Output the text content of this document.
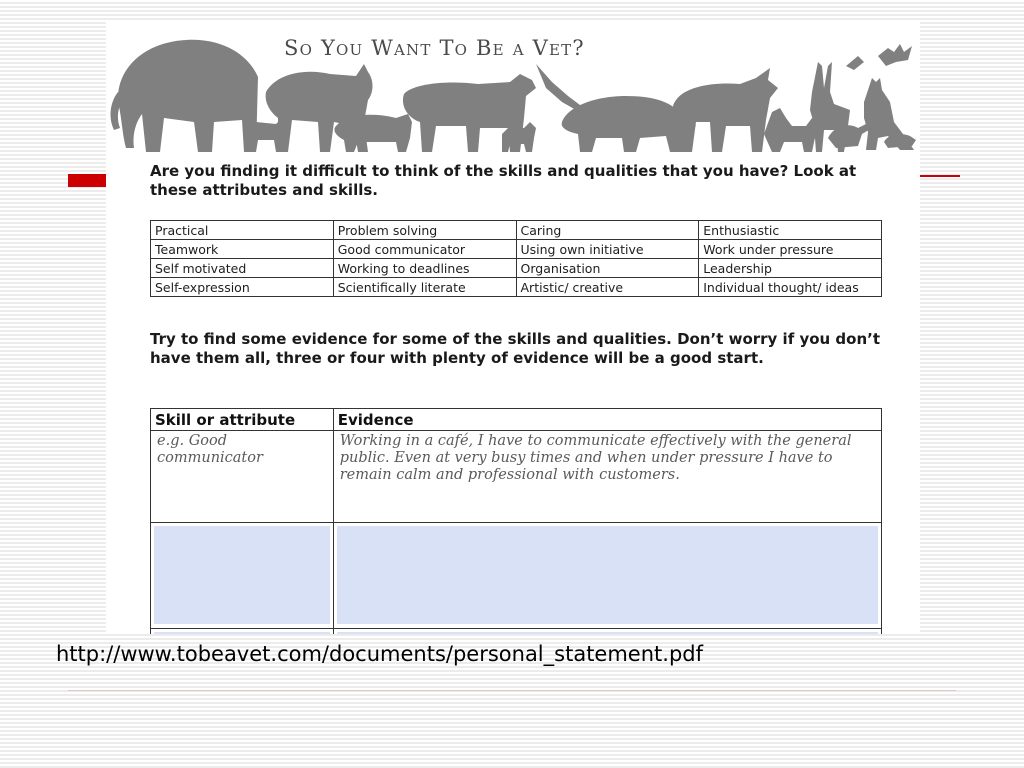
So You Want To Be a Vet?

Are you finding it difficult to think of the skills and qualities that you have? Look at these attributes and skills.

Practical	Problem solving	Caring	Enthusiastic
Teamwork	Good communicator	Using own initiative	Work under pressure
Self motivated	Working to deadlines	Organisation	Leadership
Self-expression	Scientifically literate	Artistic/ creative	Individual thought/ ideas

Try to find some evidence for some of the skills and qualities. Don’t worry if you don’t have them all, three or four with plenty of evidence will be a good start.

Skill or attribute	Evidence

e.g. Good communicator	Working in a café, I have to communicate effectively with the general public. Even at very busy times and when under pressure I have to remain calm and professional with customers.

http://www.tobeavet.com/documents/personal_statement.pdf
